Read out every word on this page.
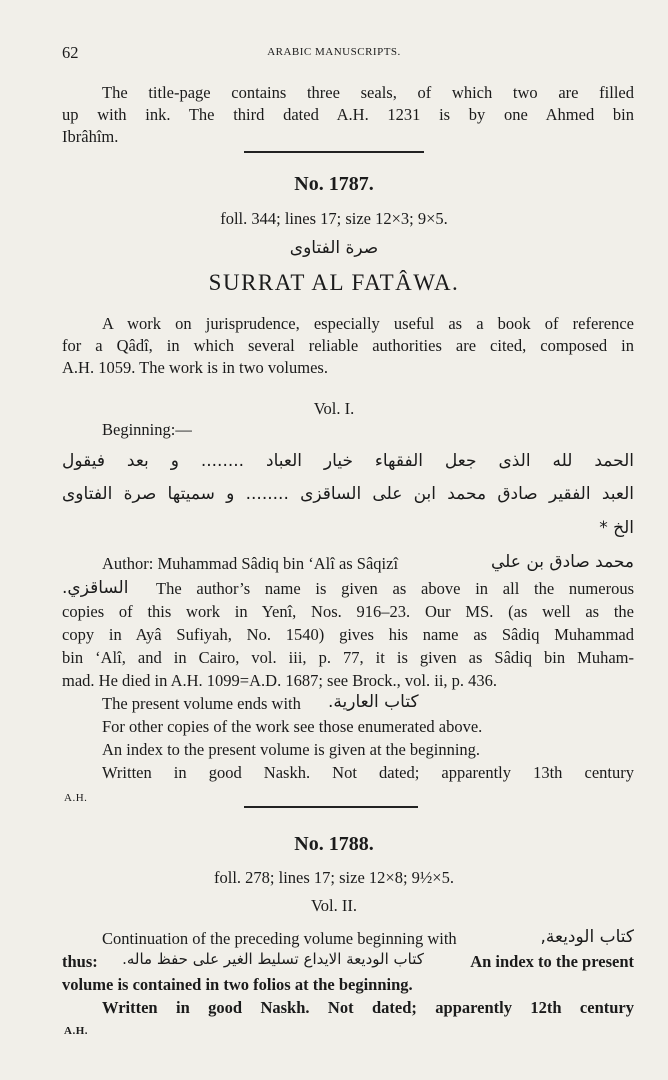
62	ARABIC MANUSCRIPTS.
The title-page contains three seals, of which two are filled
up with ink. The third dated A.H. 1231 is by one Ahmed bin
Ibrâhîm.
No. 1787.
foll. 344; lines 17; size 12×3; 9×5.
صرة الفتاوى
SURRAT AL FATÂWA.
A work on jurisprudence, especially useful as a book of reference
for a Qâdî, in which several reliable authorities are cited, composed in
A.H. 1059. The work is in two volumes.
Vol. I.
Beginning:—
الحمد لله الذى جعل الفقهاء خيار العباد ........ و بعد فيقول
العبد الفقير صادق محمد ابن على الساقزى ........ و سميتها صرة الفتاوى
الخ *
Author: Muhammad Sâdiq bin ‘Alî as Sâqizî	محمد صادق بن علي
الساقزي.	The author’s name is given as above in all the numerous
copies of this work in Yenî, Nos. 916–23. Our MS. (as well as the
copy in Ayâ Sufiyah, No. 1540) gives his name as Sâdiq Muhammad
bin ‘Alî, and in Cairo, vol. iii, p. 77, it is given as Sâdiq bin Muham-
mad. He died in A.H. 1099=A.D. 1687; see Brock., vol. ii, p. 436.
The present volume ends with كتاب العارية.
For other copies of the work see those enumerated above.
An index to the present volume is given at the beginning.
Written in good Naskh. Not dated; apparently 13th century
A.H.
No. 1788.
foll. 278; lines 17; size 12×8; 9½×5.
Vol. II.
Continuation of the preceding volume beginning with	كتاب الوديعة,
thus:	كتاب الوديعة الايداع تسليط الغير على حفظ ماله.	An index to the present
volume is contained in two folios at the beginning.
Written in good Naskh. Not dated; apparently 12th century
A.H.
